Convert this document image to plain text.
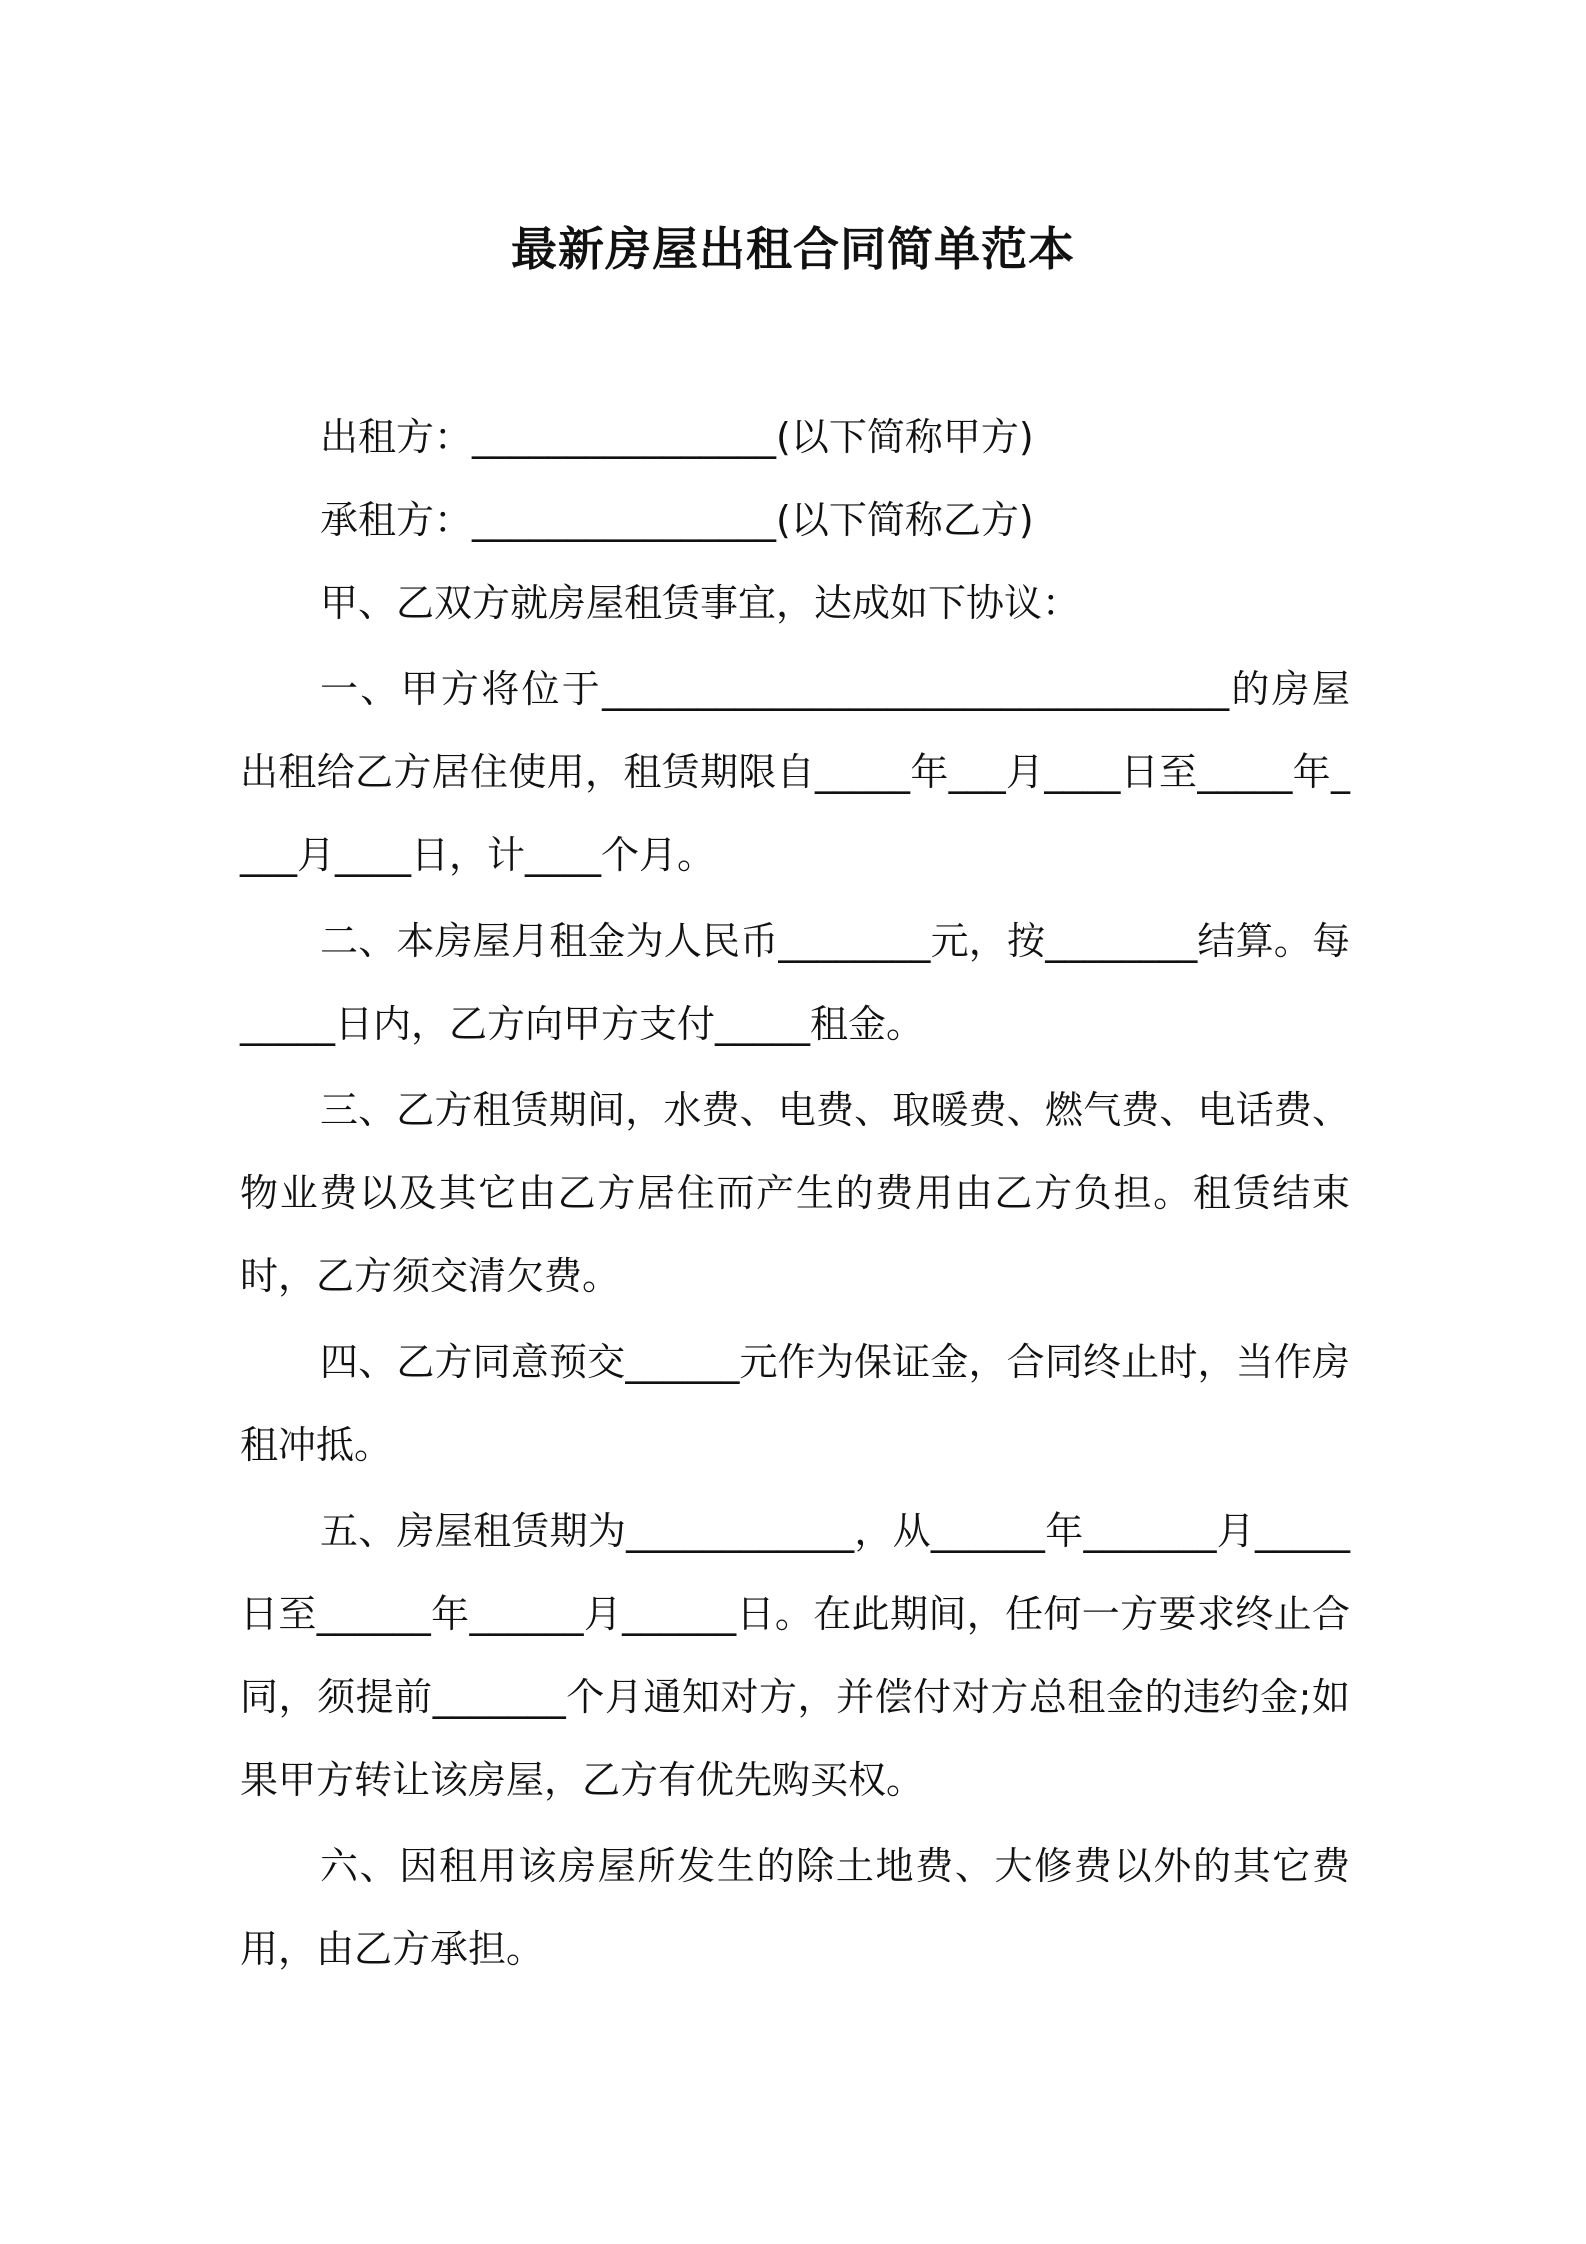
最新房屋出租合同简单范本

出租方：________________(以下简称甲方)

承租方：________________(以下简称乙方)

甲、乙双方就房屋租赁事宜，达成如下协议：

一、甲方将位于_________________________________的房屋出租给乙方居住使用，租赁期限自_____年___月____日至_____年____月____日，计____个月。

二、本房屋月租金为人民币________元，按________结算。每_____日内，乙方向甲方支付_____租金。

三、乙方租赁期间，水费、电费、取暖费、燃气费、电话费、物业费以及其它由乙方居住而产生的费用由乙方负担。租赁结束时，乙方须交清欠费。

四、乙方同意预交______元作为保证金，合同终止时，当作房租冲抵。

五、房屋租赁期为____________，从______年_______月_____日至______年______月______日。在此期间，任何一方要求终止合同，须提前_______个月通知对方，并偿付对方总租金的违约金;如果甲方转让该房屋，乙方有优先购买权。

六、因租用该房屋所发生的除土地费、大修费以外的其它费用，由乙方承担。
